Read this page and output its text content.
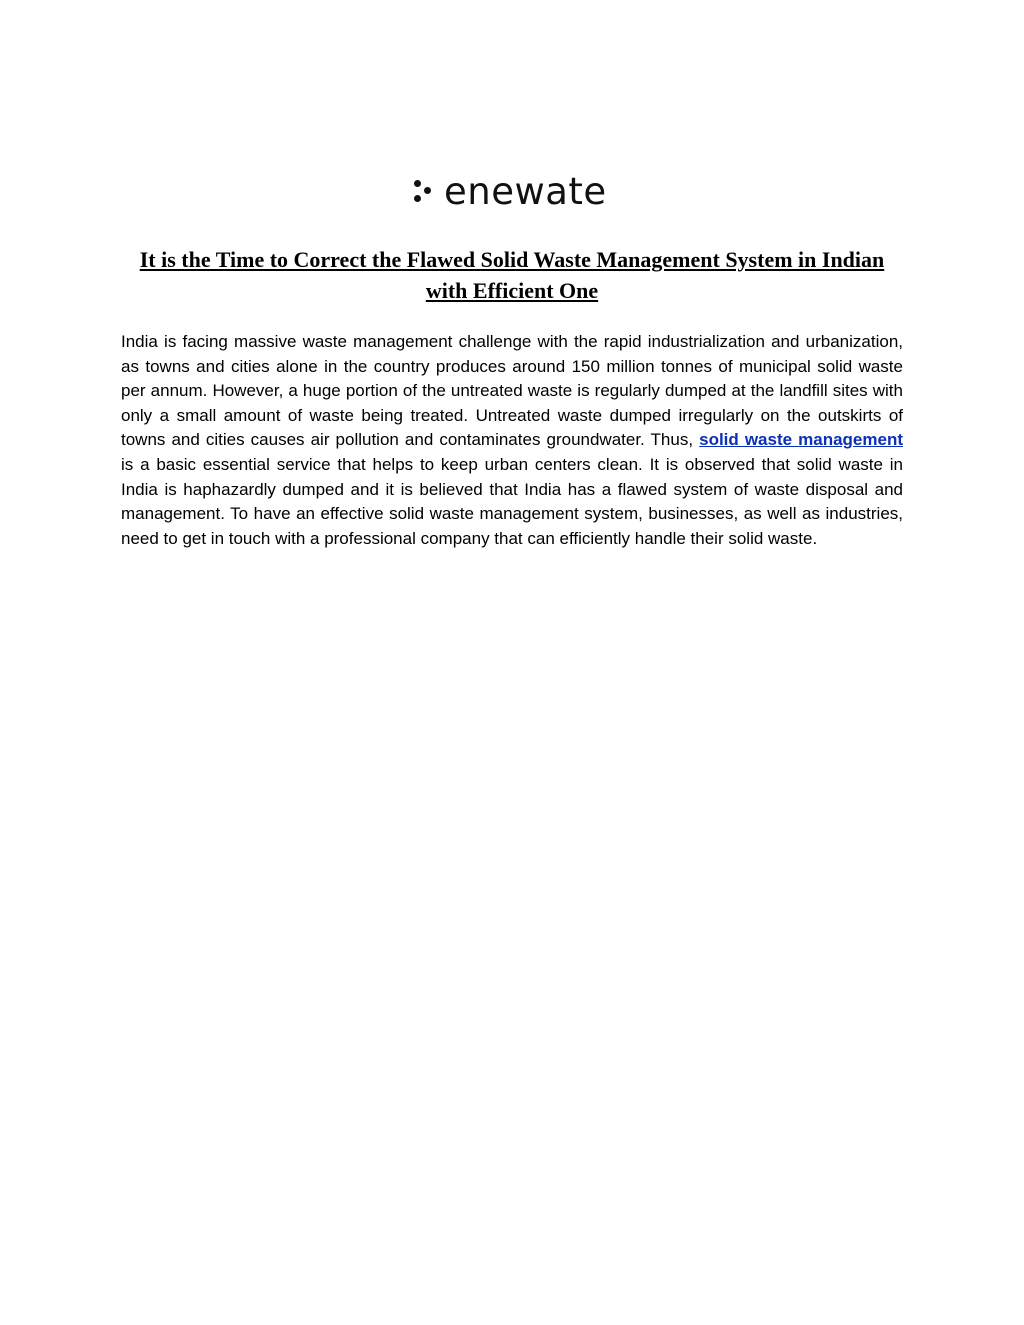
enewate
It is the Time to Correct the Flawed Solid Waste Management System in Indian with Efficient One

India is facing massive waste management challenge with the rapid industrialization and urbanization, as towns and cities alone in the country produces around 150 million tonnes of municipal solid waste per annum. However, a huge portion of the untreated waste is regularly dumped at the landfill sites with only a small amount of waste being treated. Untreated waste dumped irregularly on the outskirts of towns and cities causes air pollution and contaminates groundwater. Thus, solid waste management is a basic essential service that helps to keep urban centers clean. It is observed that solid waste in India is haphazardly dumped and it is believed that India has a flawed system of waste disposal and management. To have an effective solid waste management system, businesses, as well as industries, need to get in touch with a professional company that can efficiently handle their solid waste.
